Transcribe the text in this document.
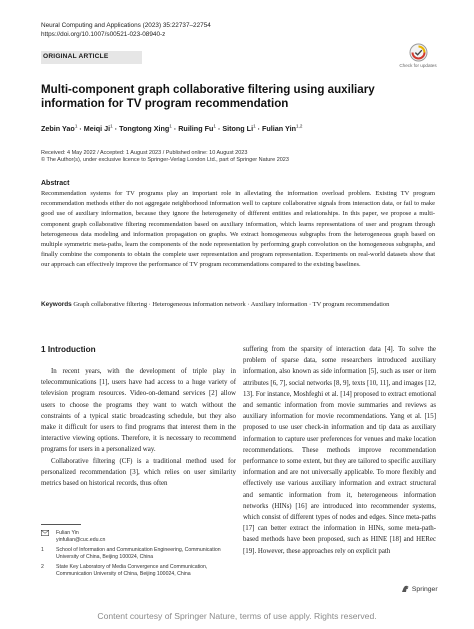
Neural Computing and Applications (2023) 35:22737–22754
https://doi.org/10.1007/s00521-023-08940-z
ORIGINAL ARTICLE
Check for updates
Multi-component graph collaborative filtering using auxiliary information for TV program recommendation
Zebin Yao$^1$ · Meiqi $Ji^1$ · Tongtong Xing$^1$ · Ruiling $Fu^1$ · Sitong $Li^1$ · Fulian Yin$^{1,2}$
Received: 4 May 2022 / Accepted: 1 August 2023 / Published online: 10 August 2023
© The Author(s), under exclusive licence to Springer-Verlag London Ltd., part of Springer Nature 2023
Abstract
Recommendation systems for TV programs play an important role in alleviating the information overload problem. Existing TV program recommendation methods either do not aggregate neighborhood information well to capture collaborative signals from interaction data, or fail to make good use of auxiliary information, because they ignore the heterogeneity of different entities and relationships. In this paper, we propose a multi-component graph collaborative filtering recommendation based on auxiliary information, which learns representations of user and program through heterogeneous data modeling and information propagation on graphs. We extract homogeneous subgraphs from the heterogeneous graph based on multiple symmetric meta-paths, learn the components of the node representation by performing graph convolution on the homogeneous subgraphs, and finally combine the components to obtain the complete user representation and program representation. Experiments on real-world datasets show that our approach can effectively improve the performance of TV program recommendations compared to the existing baselines.
Keywords Graph collaborative filtering · Heterogeneous information network · Auxiliary information · TV program recommendation
1 Introduction

In recent years, with the development of triple play in telecommunications [1], users have had access to a huge variety of television program resources. Video-on-demand services [2] allow users to choose the programs they want to watch without the constraints of a typical static broadcasting schedule, but they also make it difficult for users to find programs that interest them in the interactive viewing options. Therefore, it is necessary to recommend programs for users in a personalized way.

Collaborative filtering (CF) is a traditional method used for personalized recommendation [3], which relies on user similarity metrics based on historical records, thus often

suffering from the sparsity of interaction data [4]. To solve the problem of sparse data, some researchers introduced auxiliary information, also known as side information [5], such as user or item attributes [6, 7], social networks [8, 9], texts [10, 11], and images [12, 13]. For instance, Moshfeghi et al. [14] proposed to extract emotional and semantic information from movie summaries and reviews as auxiliary information for movie recommendations. Yang et al. [15] proposed to use user check-in information and tip data as auxiliary information to capture user preferences for venues and make location recommendations. These methods improve recommendation performance to some extent, but they are tailored to specific auxiliary information and are not universally applicable. To more flexibly and effectively use various auxiliary information and extract structural and semantic information from it, heterogeneous information networks (HINs) [16] are introduced into recommender systems, which consist of different types of nodes and edges. Since meta-paths [17] can better extract the information in HINs, some meta-path-based methods have been proposed, such as HINE [18] and HERec [19]. However, these approaches rely on explicit path

Fulian Yin
yinfulian@cuc.edu.cn
1 School of Information and Communication Engineering, Communication University of China, Beijing 100024, China
2 State Key Laboratory of Media Convergence and Communication, Communication University of China, Beijing 100024, China
Springer
Content courtesy of Springer Nature, terms of use apply. Rights reserved.
